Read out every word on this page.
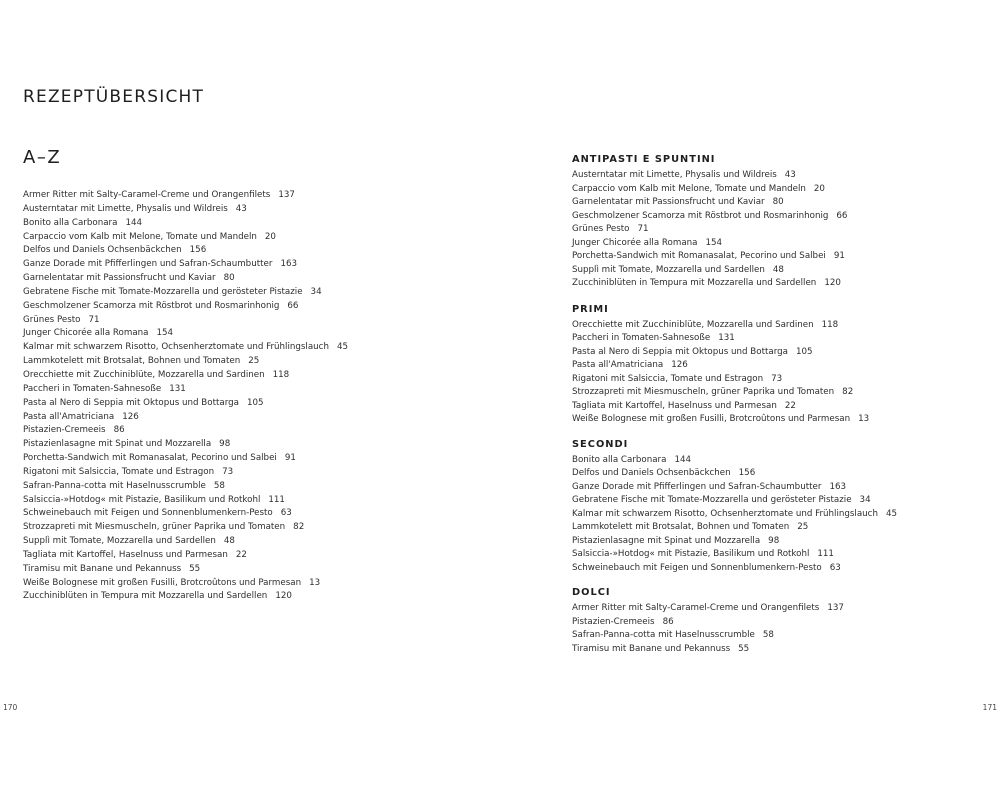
REZEPTÜBERSICHT
A–Z
Armer Ritter mit Salty-Caramel-Creme und Orangenfilets 137
Austerntatar mit Limette, Physalis und Wildreis 43
Bonito alla Carbonara 144
Carpaccio vom Kalb mit Melone, Tomate und Mandeln 20
Delfos und Daniels Ochsenbäckchen 156
Ganze Dorade mit Pfifferlingen und Safran-Schaumbutter 163
Garnelentatar mit Passionsfrucht und Kaviar 80
Gebratene Fische mit Tomate-Mozzarella und gerösteter Pistazie 34
Geschmolzener Scamorza mit Röstbrot und Rosmarinhonig 66
Grünes Pesto 71
Junger Chicorée alla Romana 154
Kalmar mit schwarzem Risotto, Ochsenherztomate und Frühlingslauch 45
Lammkotelett mit Brotsalat, Bohnen und Tomaten 25
Orecchiette mit Zucchiniblüte, Mozzarella und Sardinen 118
Paccheri in Tomaten-Sahnesoße 131
Pasta al Nero di Seppia mit Oktopus und Bottarga 105
Pasta all'Amatriciana 126
Pistazien-Cremeeis 86
Pistazienlasagne mit Spinat und Mozzarella 98
Porchetta-Sandwich mit Romanasalat, Pecorino und Salbei 91
Rigatoni mit Salsiccia, Tomate und Estragon 73
Safran-Panna-cotta mit Haselnusscrumble 58
Salsiccia-»Hotdog« mit Pistazie, Basilikum und Rotkohl 111
Schweinebauch mit Feigen und Sonnenblumenkern-Pesto 63
Strozzapreti mit Miesmuscheln, grüner Paprika und Tomaten 82
Supplì mit Tomate, Mozzarella und Sardellen 48
Tagliata mit Kartoffel, Haselnuss und Parmesan 22
Tiramisu mit Banane und Pekannuss 55
Weiße Bolognese mit großen Fusilli, Brotcroûtons und Parmesan 13
Zucchiniblüten in Tempura mit Mozzarella und Sardellen 120
ANTIPASTI E SPUNTINI
Austerntatar mit Limette, Physalis und Wildreis 43
Carpaccio vom Kalb mit Melone, Tomate und Mandeln 20
Garnelentatar mit Passionsfrucht und Kaviar 80
Geschmolzener Scamorza mit Röstbrot und Rosmarinhonig 66
Grünes Pesto 71
Junger Chicorée alla Romana 154
Porchetta-Sandwich mit Romanasalat, Pecorino und Salbei 91
Supplì mit Tomate, Mozzarella und Sardellen 48
Zucchiniblüten in Tempura mit Mozzarella und Sardellen 120
PRIMI
Orecchiette mit Zucchiniblüte, Mozzarella und Sardinen 118
Paccheri in Tomaten-Sahnesoße 131
Pasta al Nero di Seppia mit Oktopus und Bottarga 105
Pasta all'Amatriciana 126
Rigatoni mit Salsiccia, Tomate und Estragon 73
Strozzapreti mit Miesmuscheln, grüner Paprika und Tomaten 82
Tagliata mit Kartoffel, Haselnuss und Parmesan 22
Weiße Bolognese mit großen Fusilli, Brotcroûtons und Parmesan 13
SECONDI
Bonito alla Carbonara 144
Delfos und Daniels Ochsenbäckchen 156
Ganze Dorade mit Pfifferlingen und Safran-Schaumbutter 163
Gebratene Fische mit Tomate-Mozzarella und gerösteter Pistazie 34
Kalmar mit schwarzem Risotto, Ochsenherztomate und Frühlingslauch 45
Lammkotelett mit Brotsalat, Bohnen und Tomaten 25
Pistazienlasagne mit Spinat und Mozzarella 98
Salsiccia-»Hotdog« mit Pistazie, Basilikum und Rotkohl 111
Schweinebauch mit Feigen und Sonnenblumenkern-Pesto 63
DOLCI
Armer Ritter mit Salty-Caramel-Creme und Orangenfilets 137
Pistazien-Cremeeis 86
Safran-Panna-cotta mit Haselnusscrumble 58
Tiramisu mit Banane und Pekannuss 55
170	171
